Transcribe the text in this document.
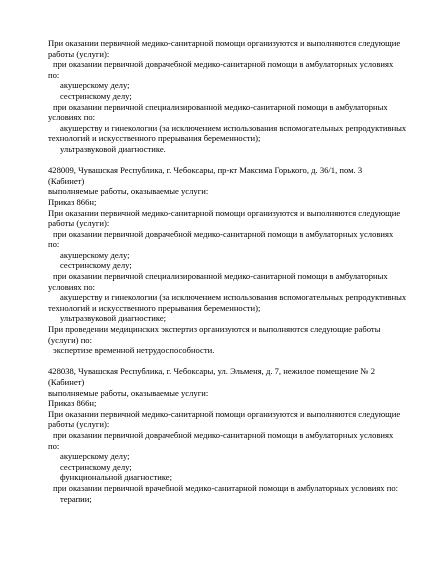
При оказании первичной медико-санитарной помощи организуются и выполняются следующие
работы (услуги):
при оказании первичной доврачебной медико-санитарной помощи в амбулаторных условиях
по:
акушерскому делу;
сестринскому делу;
при оказании первичной специализированной медико-санитарной помощи в амбулаторных
условиях по:
акушерству и гинекологии (за исключением использования вспомогательных репродуктивных
технологий и искусственного прерывания беременности);
ультразвуковой диагностике.
428009, Чувашская Республика, г. Чебоксары, пр-кт Максима Горького, д. 36/1, пом. 3
(Кабинет)
выполняемые работы, оказываемые услуги:
Приказ 866н;
При оказании первичной медико-санитарной помощи организуются и выполняются следующие
работы (услуги):
при оказании первичной доврачебной медико-санитарной помощи в амбулаторных условиях
по:
акушерскому делу;
сестринскому делу;
при оказании первичной специализированной медико-санитарной помощи в амбулаторных
условиях по:
акушерству и гинекологии (за исключением использования вспомогательных репродуктивных
технологий и искусственного прерывания беременности);
ультразвуковой диагностике;
При проведении медицинских экспертиз организуются и выполняются следующие работы
(услуги) по:
экспертизе временной нетрудоспособности.
428038, Чувашская Республика, г. Чебоксары, ул. Эльменя, д. 7, нежилое помещение № 2
(Кабинет)
выполняемые работы, оказываемые услуги:
Приказ 866н;
При оказании первичной медико-санитарной помощи организуются и выполняются следующие
работы (услуги):
при оказании первичной доврачебной медико-санитарной помощи в амбулаторных условиях
по:
акушерскому делу;
сестринскому делу;
функциональной диагностике;
при оказании первичной врачебной медико-санитарной помощи в амбулаторных условиях по:
терапии;
